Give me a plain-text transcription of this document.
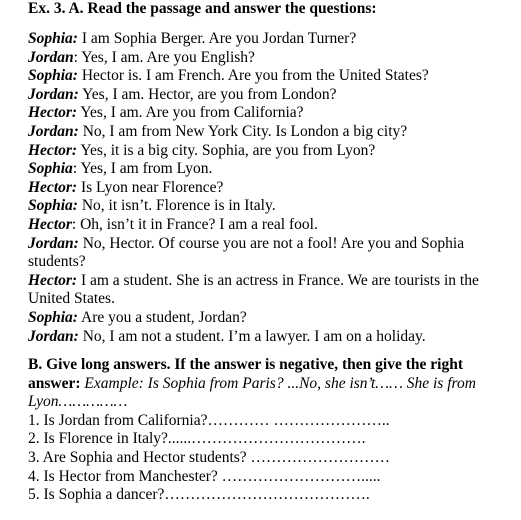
Ex. 3. A. Read the passage and answer the questions:
Sophia: I am Sophia Berger. Are you Jordan Turner?
Jordan: Yes, I am. Are you English?
Sophia: Hector is. I am French. Are you from the United States?
Jordan: Yes, I am. Hector, are you from London?
Hector: Yes, I am. Are you from California?
Jordan: No, I am from New York City. Is London a big city?
Hector: Yes, it is a big city. Sophia, are you from Lyon?
Sophia: Yes, I am from Lyon.
Hector: Is Lyon near Florence?
Sophia: No, it isn’t. Florence is in Italy.
Hector: Oh, isn’t it in France? I am a real fool.
Jordan: No, Hector. Of course you are not a fool! Are you and Sophia students?
Hector: I am a student. She is an actress in France. We are tourists in the United States.
Sophia: Are you a student, Jordan?
Jordan: No, I am not a student. I’m a lawyer. I am on a holiday.
B. Give long answers. If the answer is negative, then give the right answer: Example: Is Sophia from Paris? ...No, she isn’t…… She is from Lyon……………
1. Is Jordan from California?………… …………………..
2. Is Florence in Italy?......…………………………….
3. Are Sophia and Hector students? ………………………
4. Is Hector from Manchester? ……………………….....
5. Is Sophia a dancer?………………………………….
